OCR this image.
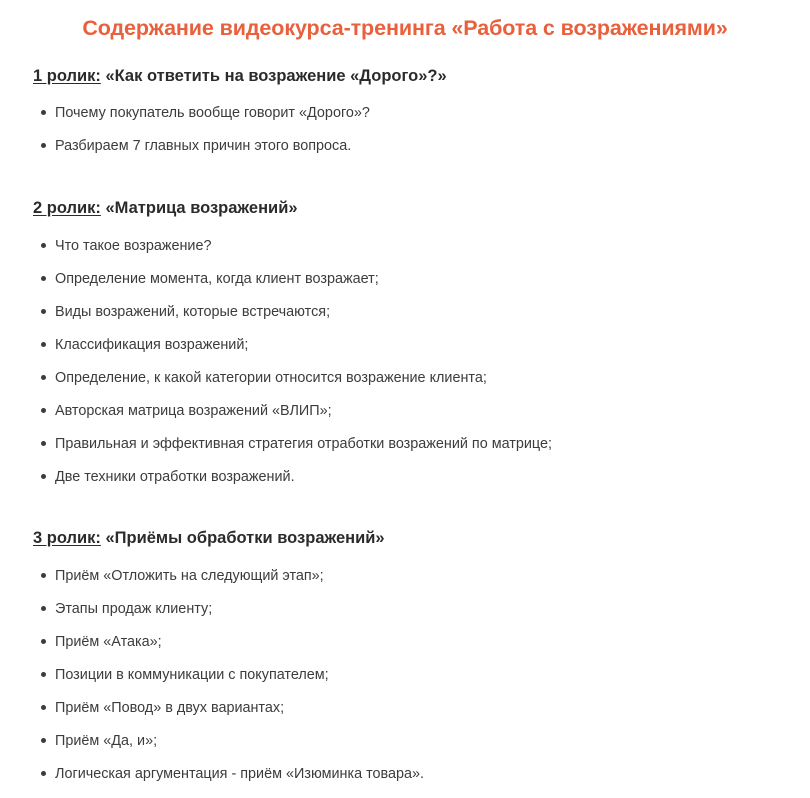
Содержание видеокурса-тренинга «Работа с возражениями»
1 ролик: «Как ответить на возражение «Дорого»?»
Почему покупатель вообще говорит «Дорого»?
Разбираем 7 главных причин этого вопроса.
2 ролик: «Матрица возражений»
Что такое возражение?
Определение момента, когда клиент возражает;
Виды возражений, которые встречаются;
Классификация возражений;
Определение, к какой категории относится возражение клиента;
Авторская матрица возражений «ВЛИП»;
Правильная и эффективная стратегия отработки возражений по матрице;
Две техники отработки возражений.
3 ролик: «Приёмы обработки возражений»
Приём «Отложить на следующий этап»;
Этапы продаж клиенту;
Приём «Атака»;
Позиции в коммуникации с покупателем;
Приём «Повод» в двух вариантах;
Приём «Да, и»;
Логическая аргументация - приём «Изюминка товара».
